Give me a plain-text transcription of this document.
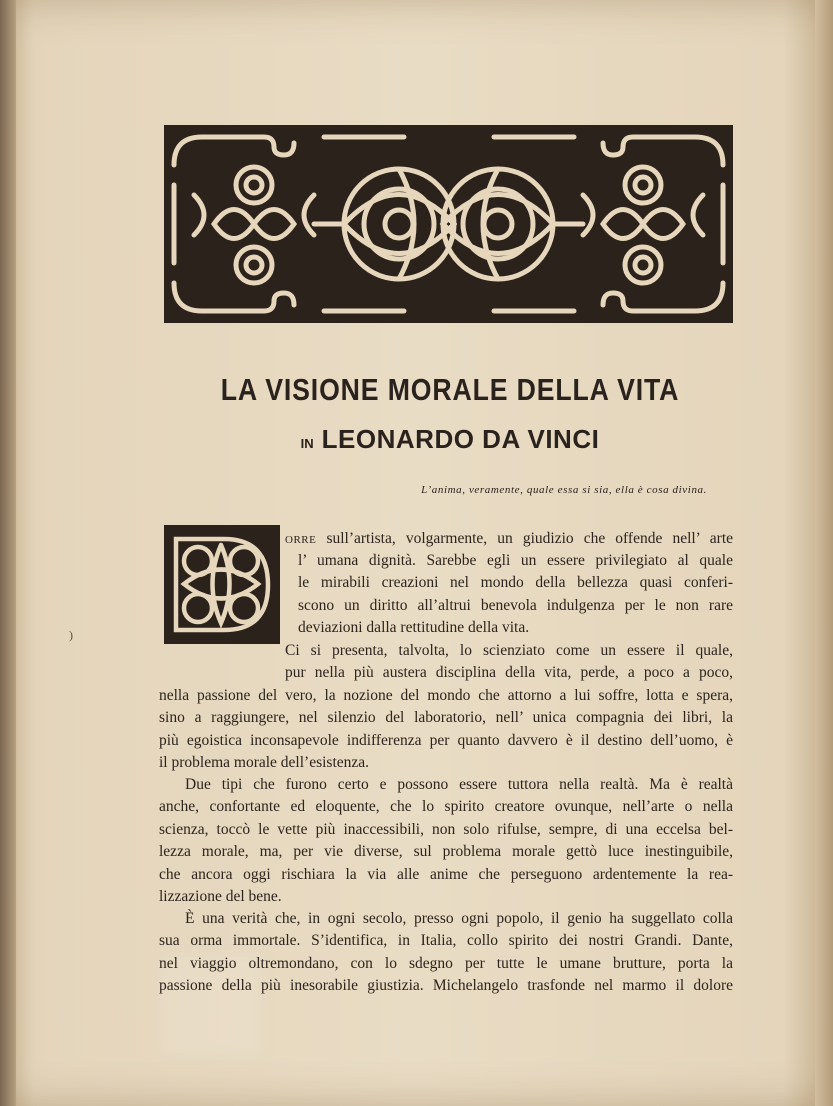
LA VISIONE MORALE DELLA VITA
IN LEONARDO DA VINCI
L’anima, veramente, quale essa si sia, ella è cosa divina.
)
orre sull’artista, volgarmente, un giudizio che offende nell’ arte
l’ umana dignità. Sarebbe egli un essere privilegiato al quale
le mirabili creazioni nel mondo della bellezza quasi conferi-
scono un diritto all’altrui benevola indulgenza per le non rare
deviazioni dalla rettitudine della vita.
Ci si presenta, talvolta, lo scienziato come un essere il quale,
pur nella più austera disciplina della vita, perde, a poco a poco,
nella passione del vero, la nozione del mondo che attorno a lui soffre, lotta e spera,
sino a raggiungere, nel silenzio del laboratorio, nell’ unica compagnia dei libri, la
più egoistica inconsapevole indifferenza per quanto davvero è il destino dell’uomo, è
il problema morale dell’esistenza.
Due tipi che furono certo e possono essere tuttora nella realtà. Ma è realtà
anche, confortante ed eloquente, che lo spirito creatore ovunque, nell’arte o nella
scienza, toccò le vette più inaccessibili, non solo rifulse, sempre, di una eccelsa bel-
lezza morale, ma, per vie diverse, sul problema morale gettò luce inestinguibile,
che ancora oggi rischiara la via alle anime che perseguono ardentemente la rea-
lizzazione del bene.
È una verità che, in ogni secolo, presso ogni popolo, il genio ha suggellato colla
sua orma immortale. S’identifica, in Italia, collo spirito dei nostri Grandi. Dante,
nel viaggio oltremondano, con lo sdegno per tutte le umane brutture, porta la
passione della più inesorabile giustizia. Michelangelo trasfonde nel marmo il dolore
